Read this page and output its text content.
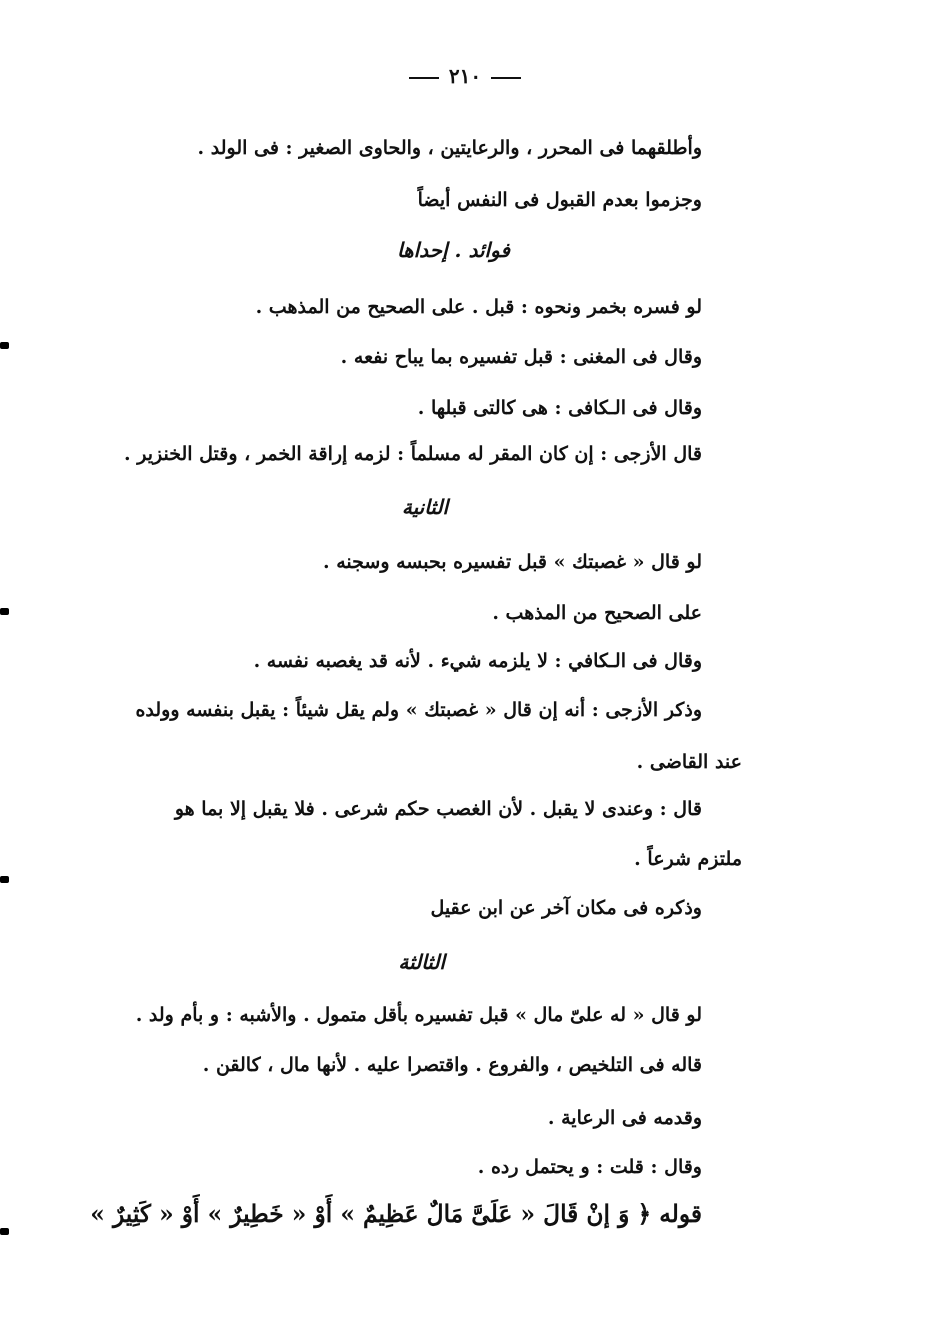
٢١٠
وأطلقهما فى المحرر ، والرعايتين ، والحاوى الصغير : فى الولد .
وجزموا بعدم القبول فى النفس أيضاً
فوائد . إحداها
لو فسره بخمر ونحوه : قبل . على الصحيح من المذهب .
وقال فى المغنى : قبل تفسيره بما يباح نفعه .
وقال فى الـكافى : هى كالتى قبلها .
قال الأزجى : إن كان المقر له مسلماً : لزمه إراقة الخمر ، وقتل الخنزير .
الثانية
لو قال « غصبتك » قبل تفسيره بحبسه وسجنه .
على الصحيح من المذهب .
وقال فى الـكافي : لا يلزمه شيء . لأنه قد يغصبه نفسه .
وذكر الأزجى : أنه إن قال « غصبتك » ولم يقل شيئاً : يقبل بنفسه وولده
عند القاضى .
قال : وعندى لا يقبل . لأن الغصب حكم شرعى . فلا يقبل إلا بما هو
ملتزم شرعاً .
وذكره فى مكان آخر عن ابن عقيل
الثالثة
لو قال « له علىّ مال » قبل تفسيره بأقل متمول . والأشبه : و بأم ولد .
قاله فى التلخيص ، والفروع . واقتصرا عليه . لأنها مال ، كالقن .
وقدمه فى الرعاية .
وقال : قلت : و يحتمل رده .
قوله ﴿ وَ إنْ قَالَ « عَلَىَّ مَالٌ عَظِيمٌ » أَوْ « خَطِيرٌ » أَوْ « كَثِيرٌ »
